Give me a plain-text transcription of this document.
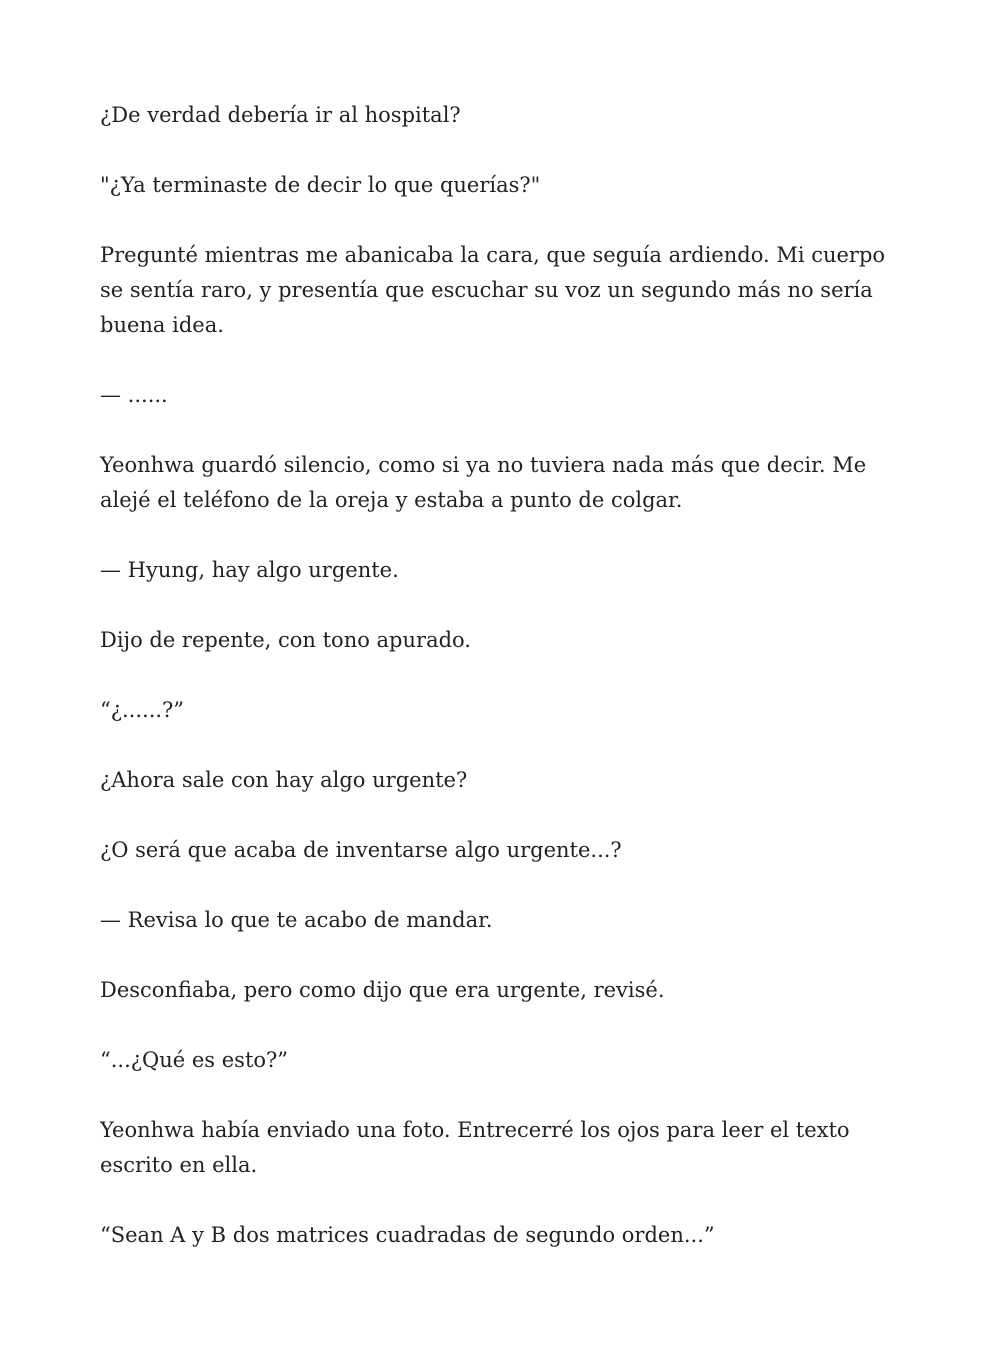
¿De verdad debería ir al hospital?

"¿Ya terminaste de decir lo que querías?"

Pregunté mientras me abanicaba la cara, que seguía ardiendo. Mi cuerpo se sentía raro, y presentía que escuchar su voz un segundo más no sería buena idea.

— ......

Yeonhwa guardó silencio, como si ya no tuviera nada más que decir. Me alejé el teléfono de la oreja y estaba a punto de colgar.

— Hyung, hay algo urgente.

Dijo de repente, con tono apurado.

“¿......?”

¿Ahora sale con hay algo urgente?

¿O será que acaba de inventarse algo urgente...?

— Revisa lo que te acabo de mandar.

Desconfiaba, pero como dijo que era urgente, revisé.

“...¿Qué es esto?”

Yeonhwa había enviado una foto. Entrecerré los ojos para leer el texto escrito en ella.

“Sean A y B dos matrices cuadradas de segundo orden...”
